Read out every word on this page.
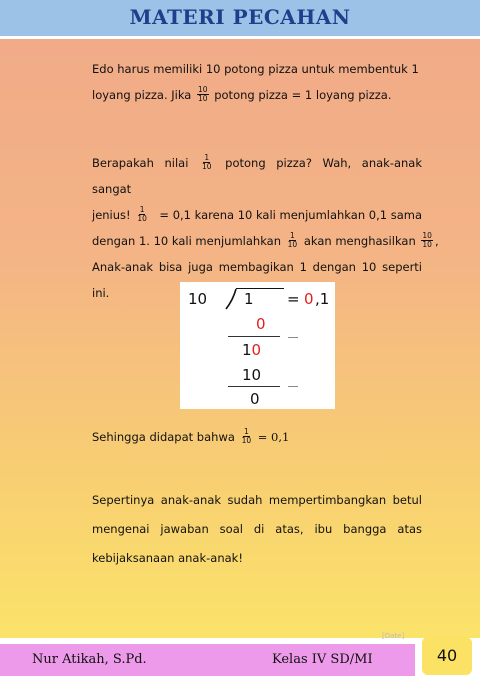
MATERI PECAHAN
Edo harus memiliki 10 potong pizza untuk membentuk 1
loyang pizza. Jika $\frac{10}{10}$ potong pizza = 1 loyang pizza.
Berapakah nilai $\frac{1}{10}$ potong pizza? Wah, anak-anak sangat
jenius! $\frac{1}{10} = 0,1$ karena 10 kali menjumlahkan 0,1 sama
dengan 1. 10 kali menjumlahkan $\frac{1}{10}$ akan menghasilkan $\frac{10}{10}$ ,
Anak-anak bisa juga membagikan 1 dengan 10 seperti ini.	10 1 = 0 ,1
0
10
10
0
Sehingga didapat bahwa $\frac{1}{10} = 0,1$
Sepertinya anak-anak sudah mempertimbangkan betul
mengenai jawaban soal di atas, ibu bangga atas
kebijaksanaan anak-anak!
[Date]
Nur Atikah, S.Pd.	Kelas IV SD/MI	40
